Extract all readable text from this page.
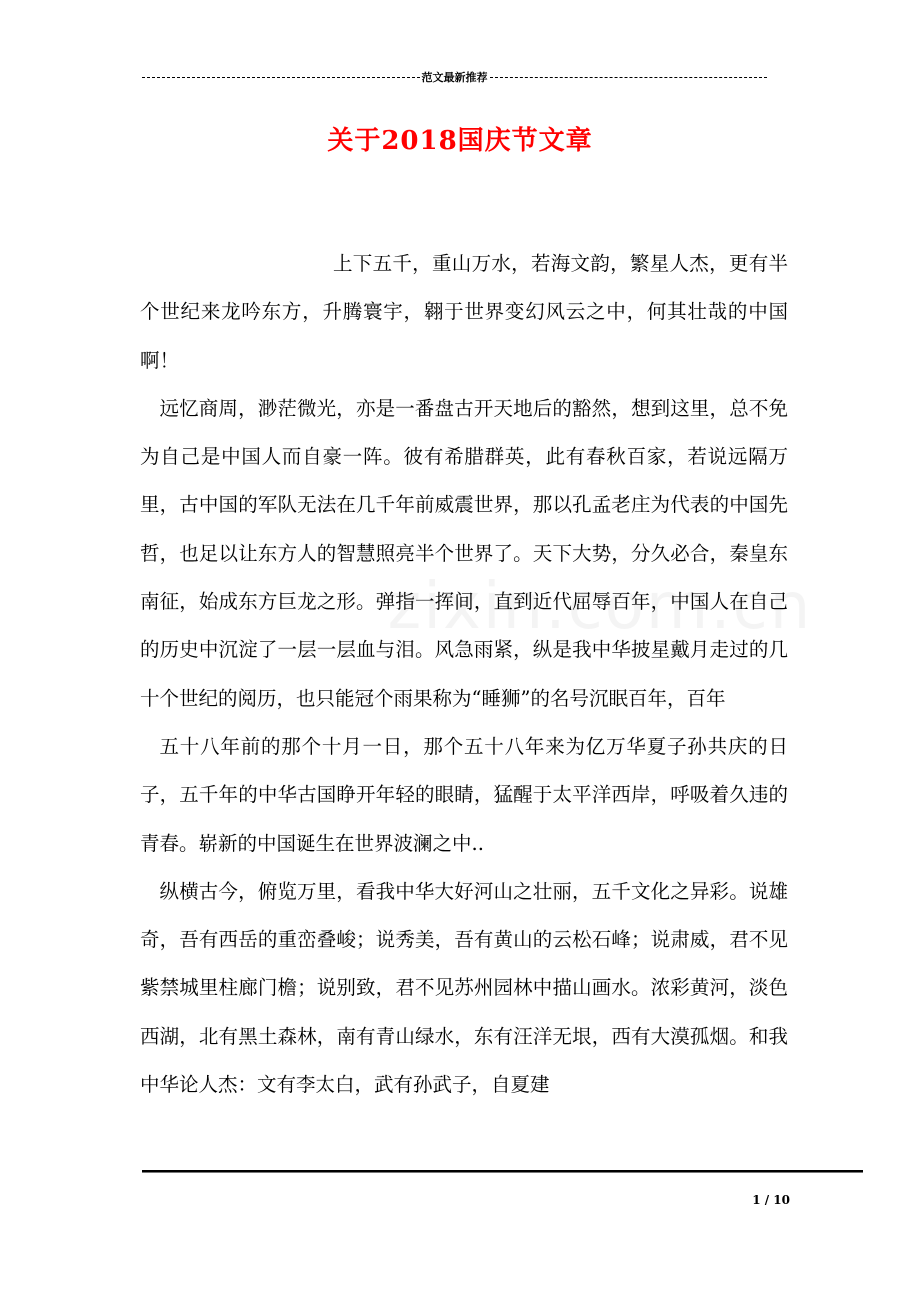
范文最新推荐
关于2018国庆节文章

上下五千，重山万水，若海文韵，繁星人杰，更有半个世纪来龙吟东方，升腾寰宇，翱于世界变幻风云之中，何其壮哉的中国啊！

远忆商周，渺茫微光，亦是一番盘古开天地后的豁然，想到这里，总不免为自己是中国人而自豪一阵。彼有希腊群英，此有春秋百家，若说远隔万里，古中国的军队无法在几千年前威震世界，那以孔孟老庄为代表的中国先哲，也足以让东方人的智慧照亮半个世界了。天下大势，分久必合，秦皇东南征，始成东方巨龙之形。弹指一挥间，直到近代屈辱百年，中国人在自己的历史中沉淀了一层一层血与泪。风急雨紧，纵是我中华披星戴月走过的几十个世纪的阅历，也只能冠个雨果称为“睡狮”的名号沉眠百年，百年

五十八年前的那个十月一日，那个五十八年来为亿万华夏子孙共庆的日子，五千年的中华古国睁开年轻的眼睛，猛醒于太平洋西岸，呼吸着久违的青春。崭新的中国诞生在世界波澜之中..

纵横古今，俯览万里，看我中华大好河山之壮丽，五千文化之异彩。说雄奇，吾有西岳的重峦叠峻；说秀美，吾有黄山的云松石峰；说肃威，君不见紫禁城里柱廊门檐；说别致，君不见苏州园林中描山画水。浓彩黄河，淡色西湖，北有黑土森林，南有青山绿水，东有汪洋无垠，西有大漠孤烟。和我中华论人杰：文有李太白，武有孙武子，自夏建

1 / 10
